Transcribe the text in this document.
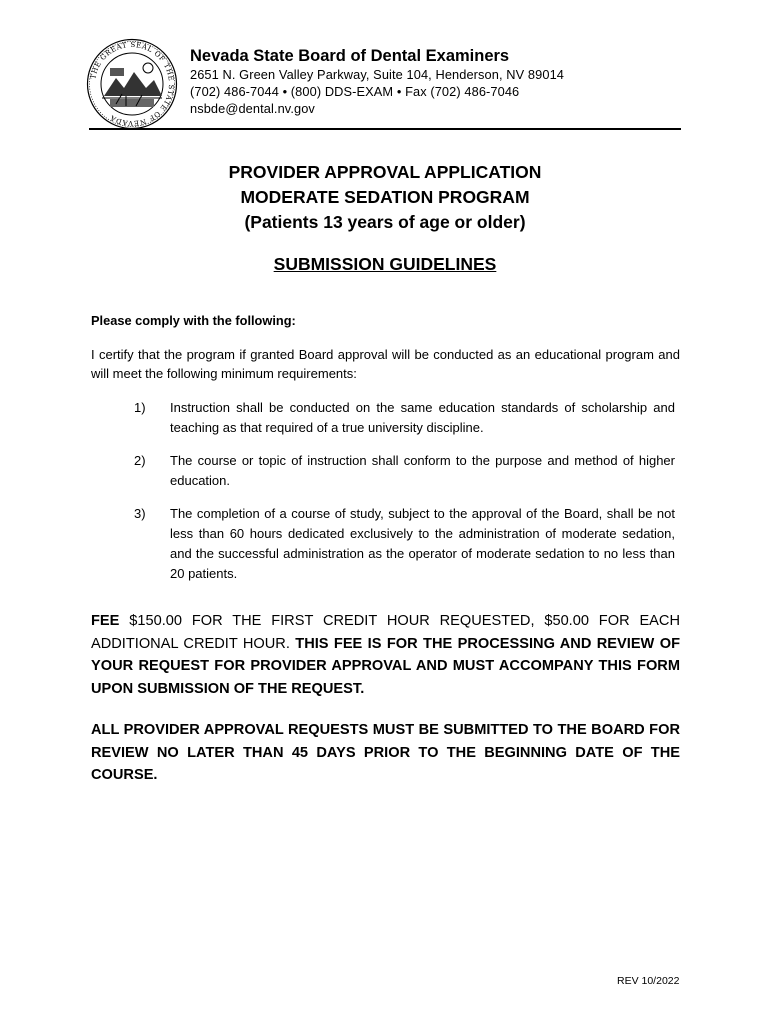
THE GREAT SEAL OF THE STATE OF NEVADA

Nevada State Board of Dental Examiners

2651 N. Green Valley Parkway, Suite 104, Henderson, NV 89014

(702) 486-7044 • (800) DDS-EXAM • Fax (702) 486-7046

nsbde@dental.nv.gov

PROVIDER APPROVAL APPLICATION
MODERATE SEDATION PROGRAM
(Patients 13 years of age or older)
SUBMISSION GUIDELINES
Please comply with the following:
I certify that the program if granted Board approval will be conducted as an educational program and will meet the following minimum requirements:
1) Instruction shall be conducted on the same education standards of scholarship and teaching as that required of a true university discipline.
2) The course or topic of instruction shall conform to the purpose and method of higher education.
3) The completion of a course of study, subject to the approval of the Board, shall be not less than 60 hours dedicated exclusively to the administration of moderate sedation, and the successful administration as the operator of moderate sedation to no less than 20 patients.
FEE $150.00 FOR THE FIRST CREDIT HOUR REQUESTED, $50.00 FOR EACH ADDITIONAL CREDIT HOUR. THIS FEE IS FOR THE PROCESSING AND REVIEW OF YOUR REQUEST FOR PROVIDER APPROVAL AND MUST ACCOMPANY THIS FORM UPON SUBMISSION OF THE REQUEST.
ALL PROVIDER APPROVAL REQUESTS MUST BE SUBMITTED TO THE BOARD FOR REVIEW NO LATER THAN 45 DAYS PRIOR TO THE BEGINNING DATE OF THE COURSE.
REV 10/2022
